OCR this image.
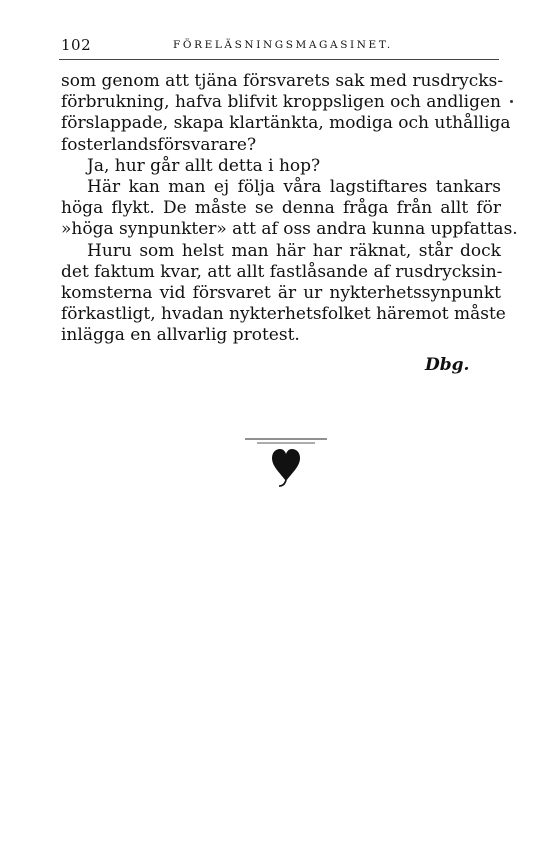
102	FÖRELÄSNINGSMAGASINET.
som genom att tjäna försvarets sak med rusdrycks-
förbrukning, hafva blifvit kroppsligen och andligen
förslappade, skapa klartänkta, modiga och uthålliga
fosterlandsförsvarare?
Ja, hur går allt detta i hop?
Här kan man ej följa våra lagstiftares tankars
höga flykt. De måste se denna fråga från allt för
»höga synpunkter» att af oss andra kunna uppfattas.
Huru som helst man här har räknat, står dock
det faktum kvar, att allt fastlåsande af rusdrycksin-
komsterna vid försvaret är ur nykterhetssynpunkt
förkastligt, hvadan nykterhetsfolket häremot måste
inlägga en allvarlig protest.
Dbg.
